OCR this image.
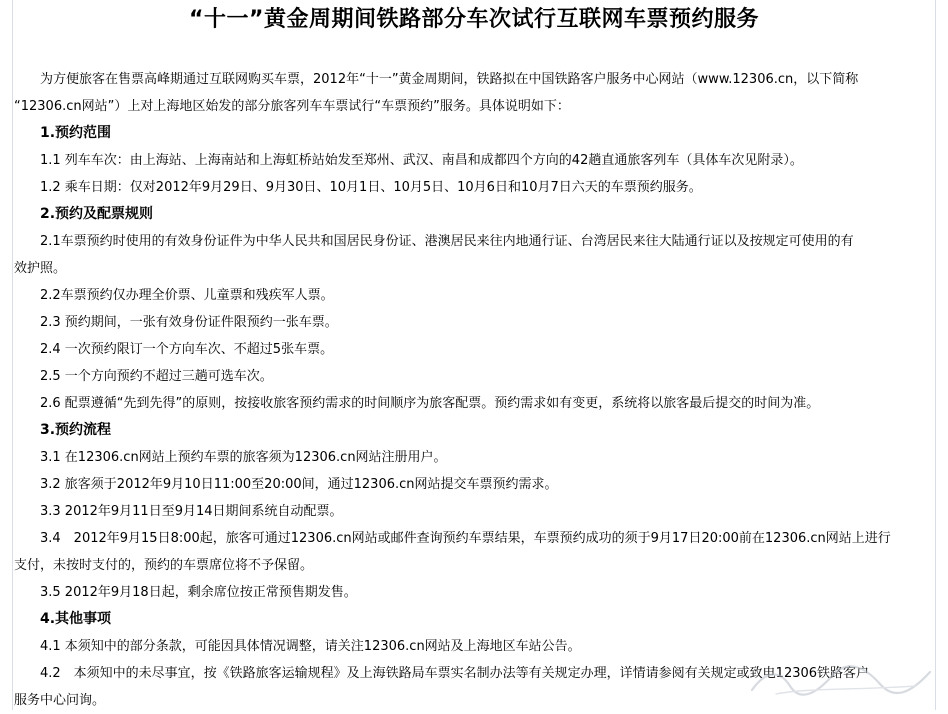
“十一”黄金周期间铁路部分车次试行互联网车票预约服务
为方便旅客在售票高峰期通过互联网购买车票，2012年“十一”黄金周期间，铁路拟在中国铁路客户服务中心网站（www.12306.cn，以下简称
“12306.cn网站”）上对上海地区始发的部分旅客列车车票试行“车票预约”服务。具体说明如下：
1.预约范围
1.1 列车车次：由上海站、上海南站和上海虹桥站始发至郑州、武汉、南昌和成都四个方向的42趟直通旅客列车（具体车次见附录）。
1.2 乘车日期：仅对2012年9月29日、9月30日、10月1日、10月5日、10月6日和10月7日六天的车票预约服务。
2.预约及配票规则
2.1车票预约时使用的有效身份证件为中华人民共和国居民身份证、港澳居民来往内地通行证、台湾居民来往大陆通行证以及按规定可使用的有
效护照。
2.2车票预约仅办理全价票、儿童票和残疾军人票。
2.3 预约期间，一张有效身份证件限预约一张车票。
2.4 一次预约限订一个方向车次、不超过5张车票。
2.5 一个方向预约不超过三趟可选车次。
2.6 配票遵循“先到先得”的原则，按接收旅客预约需求的时间顺序为旅客配票。预约需求如有变更，系统将以旅客最后提交的时间为准。
3.预约流程
3.1 在12306.cn网站上预约车票的旅客须为12306.cn网站注册用户。
3.2 旅客须于2012年9月10日11:00至20:00间，通过12306.cn网站提交车票预约需求。
3.3 2012年9月11日至9月14日期间系统自动配票。
3.4　2012年9月15日8:00起，旅客可通过12306.cn网站或邮件查询预约车票结果，车票预约成功的须于9月17日20:00前在12306.cn网站上进行
支付，未按时支付的，预约的车票席位将不予保留。
3.5 2012年9月18日起，剩余席位按正常预售期发售。
4.其他事项
4.1 本须知中的部分条款，可能因具体情况调整，请关注12306.cn网站及上海地区车站公告。
4.2　本须知中的未尽事宜，按《铁路旅客运输规程》及上海铁路局车票实名制办法等有关规定办理，详情请参阅有关规定或致电12306铁路客户
服务中心问询。
